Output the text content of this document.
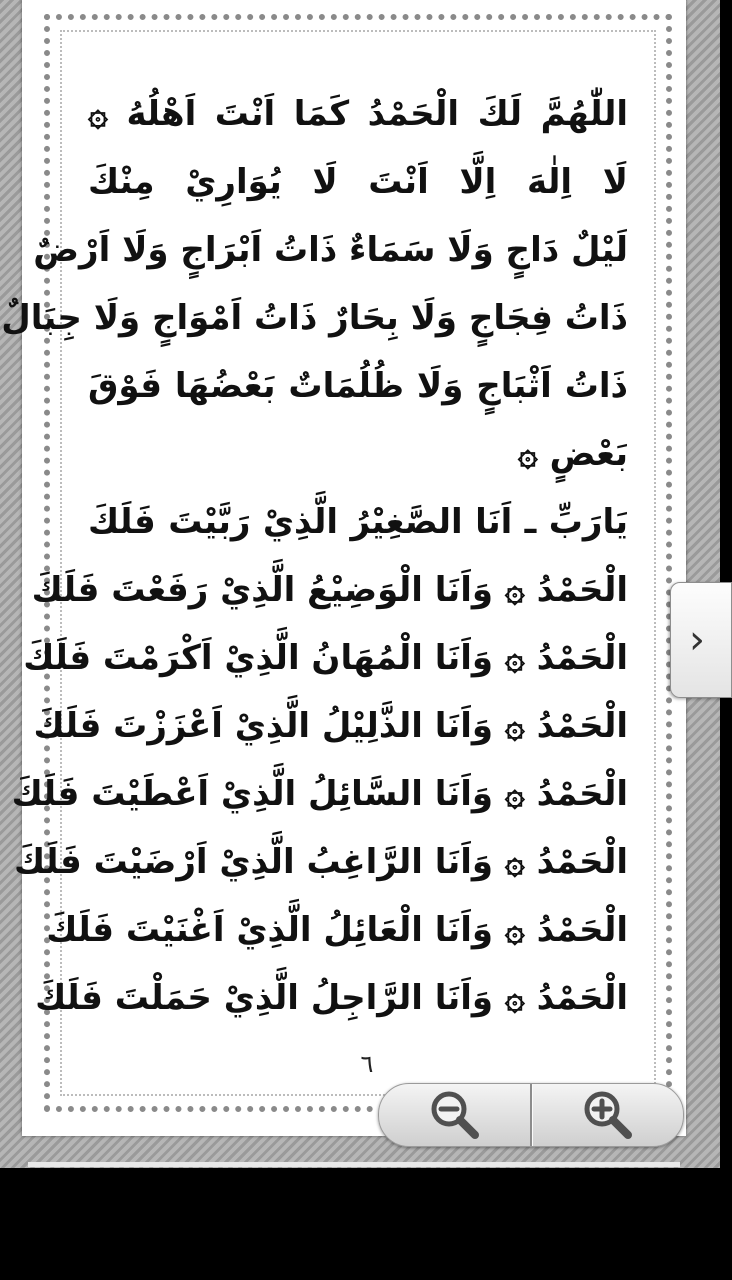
اللّٰهُمَّ لَكَ الْحَمْدُ كَمَا اَنْتَ اَهْلُهُ ۞
لَا اِلٰهَ اِلَّا اَنْتَ لَا يُوَارِيْ مِنْكَ
لَيْلٌ دَاجٍ وَلَا سَمَاءٌ ذَاتُ اَبْرَاجٍ وَلَا اَرْضٌ
ذَاتُ فِجَاجٍ وَلَا بِحَارٌ ذَاتُ اَمْوَاجٍ وَلَا جِبَالٌ
ذَاتُ اَثْبَاجٍ وَلَا ظُلُمَاتٌ بَعْضُهَا فَوْقَ
بَعْضٍ ۞
يَارَبِّ ـ اَنَا الصَّغِيْرُ الَّذِيْ رَبَّيْتَ فَلَكَ
الْحَمْدُ ۞ وَاَنَا الْوَضِيْعُ الَّذِيْ رَفَعْتَ فَلَكَ
الْحَمْدُ ۞ وَاَنَا الْمُهَانُ الَّذِيْ اَكْرَمْتَ فَلَكَ
الْحَمْدُ ۞ وَاَنَا الذَّلِيْلُ الَّذِيْ اَعْزَزْتَ فَلَكَ
الْحَمْدُ ۞ وَاَنَا السَّائِلُ الَّذِيْ اَعْطَيْتَ فَلَكَ
الْحَمْدُ ۞ وَاَنَا الرَّاغِبُ الَّذِيْ اَرْضَيْتَ فَلَكَ
الْحَمْدُ ۞ وَاَنَا الْعَائِلُ الَّذِيْ اَغْنَيْتَ فَلَكَ
الْحَمْدُ ۞ وَاَنَا الرَّاجِلُ الَّذِيْ حَمَلْتَ فَلَكَ
٦
›
